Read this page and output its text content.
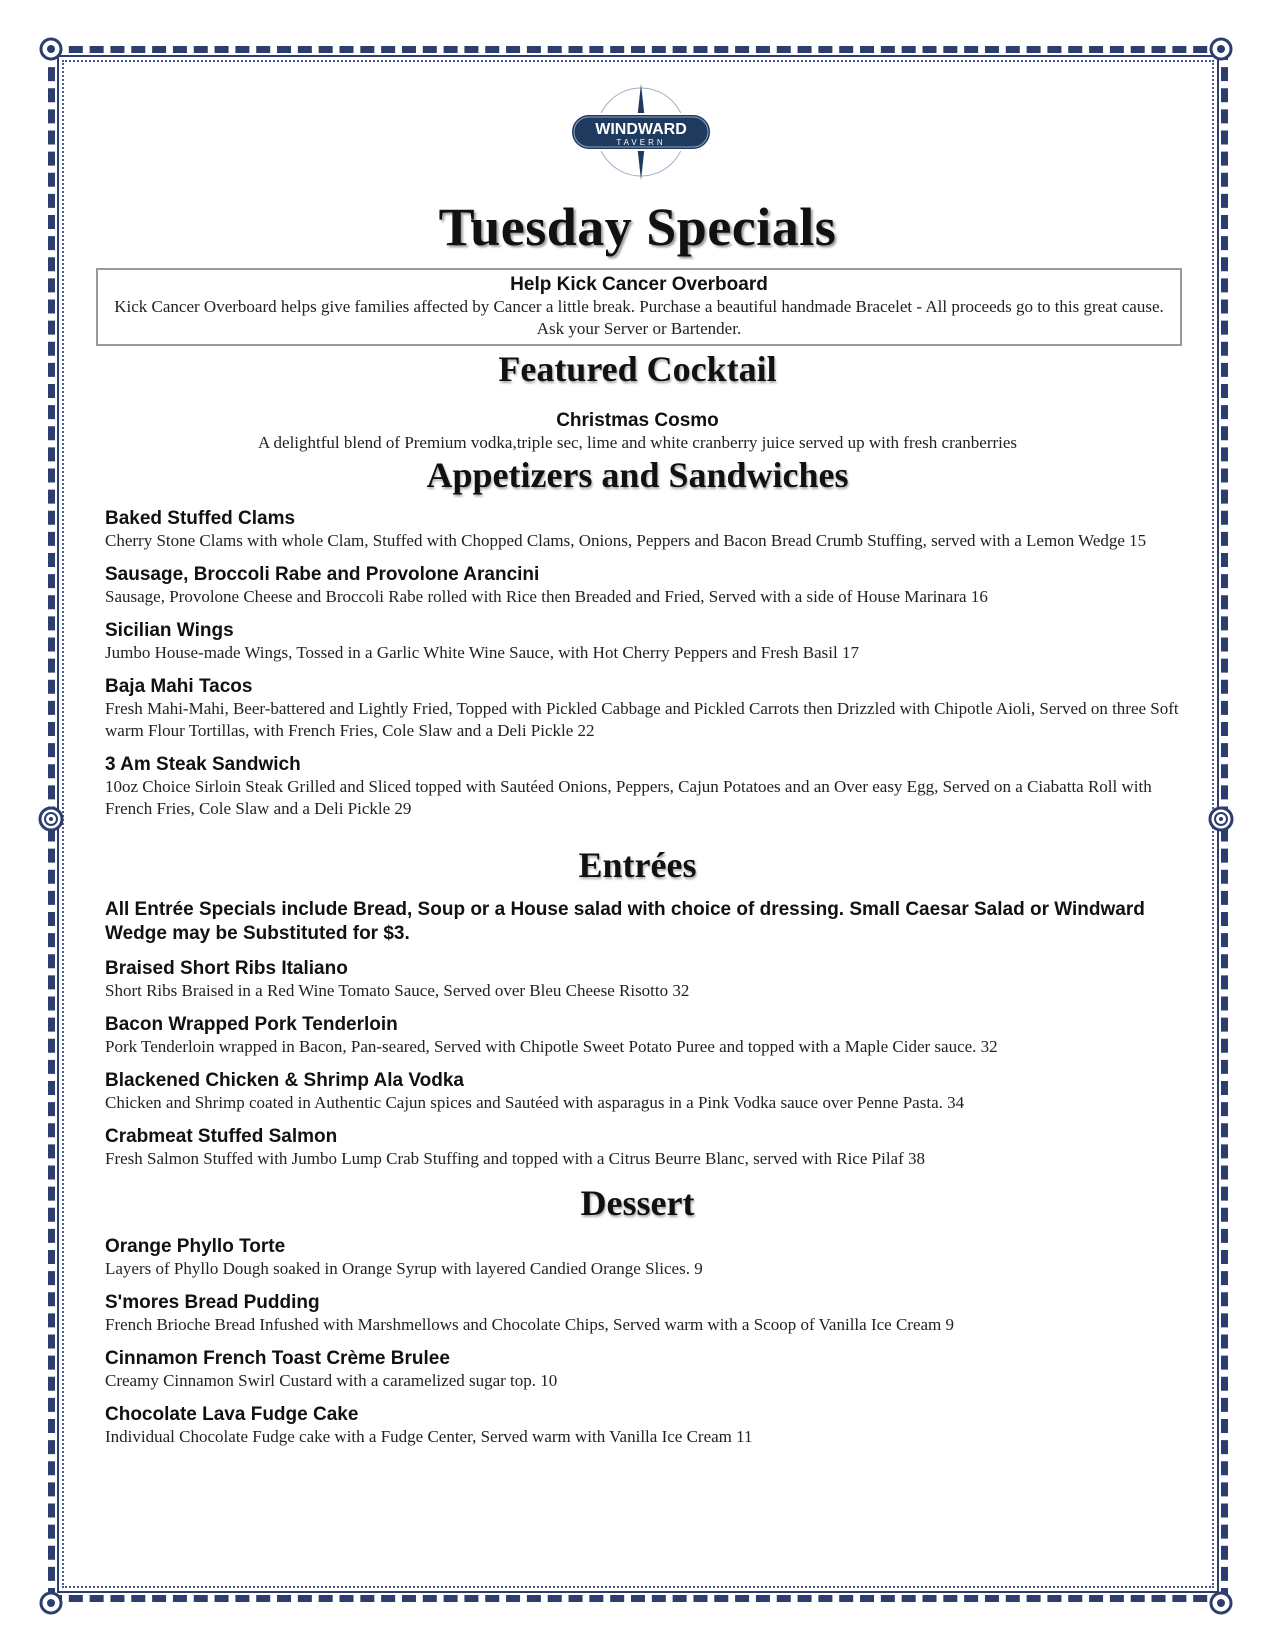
WINDWARD
TAVERN
Tuesday Specials
Help Kick Cancer Overboard
Kick Cancer Overboard helps give families affected by Cancer a little break. Purchase a beautiful handmade Bracelet - All proceeds go to this great cause. Ask your Server or Bartender.
Featured Cocktail
Christmas Cosmo
A delightful blend of Premium vodka,triple sec, lime and white cranberry juice served up with fresh cranberries
Appetizers and Sandwiches
Baked Stuffed Clams
Cherry Stone Clams with whole Clam, Stuffed with Chopped Clams, Onions, Peppers and Bacon Bread Crumb Stuffing, served with a Lemon Wedge 15
Sausage, Broccoli Rabe and Provolone Arancini
Sausage, Provolone Cheese and Broccoli Rabe rolled with Rice then Breaded and Fried, Served with a side of House Marinara 16
Sicilian Wings
Jumbo House-made Wings, Tossed in a Garlic White Wine Sauce, with Hot Cherry Peppers and Fresh Basil 17
Baja Mahi Tacos
Fresh Mahi-Mahi, Beer-battered and Lightly Fried, Topped with Pickled Cabbage and Pickled Carrots then Drizzled with Chipotle Aioli, Served on three Soft warm Flour Tortillas, with French Fries, Cole Slaw and a Deli Pickle 22
3 Am Steak Sandwich
10oz Choice Sirloin Steak Grilled and Sliced topped with Sautéed Onions, Peppers, Cajun Potatoes and an Over easy Egg, Served on a Ciabatta Roll with French Fries, Cole Slaw and a Deli Pickle 29
Entrées
All Entrée Specials include Bread, Soup or a House salad with choice of dressing. Small Caesar Salad or Windward Wedge may be Substituted for $3.
Braised Short Ribs Italiano
Short Ribs Braised in a Red Wine Tomato Sauce, Served over Bleu Cheese Risotto 32
Bacon Wrapped Pork Tenderloin
Pork Tenderloin wrapped in Bacon, Pan-seared, Served with Chipotle Sweet Potato Puree and topped with a Maple Cider sauce. 32
Blackened Chicken & Shrimp Ala Vodka
Chicken and Shrimp coated in Authentic Cajun spices and Sautéed with asparagus in a Pink Vodka sauce over Penne Pasta. 34
Crabmeat Stuffed Salmon
Fresh Salmon Stuffed with Jumbo Lump Crab Stuffing and topped with a Citrus Beurre Blanc, served with Rice Pilaf 38
Dessert
Orange Phyllo Torte
Layers of Phyllo Dough soaked in Orange Syrup with layered Candied Orange Slices. 9
S'mores Bread Pudding
French Brioche Bread Infushed with Marshmellows and Chocolate Chips, Served warm with a Scoop of Vanilla Ice Cream 9
Cinnamon French Toast Crème Brulee
Creamy Cinnamon Swirl Custard with a caramelized sugar top. 10
Chocolate Lava Fudge Cake
Individual Chocolate Fudge cake with a Fudge Center, Served warm with Vanilla Ice Cream 11
